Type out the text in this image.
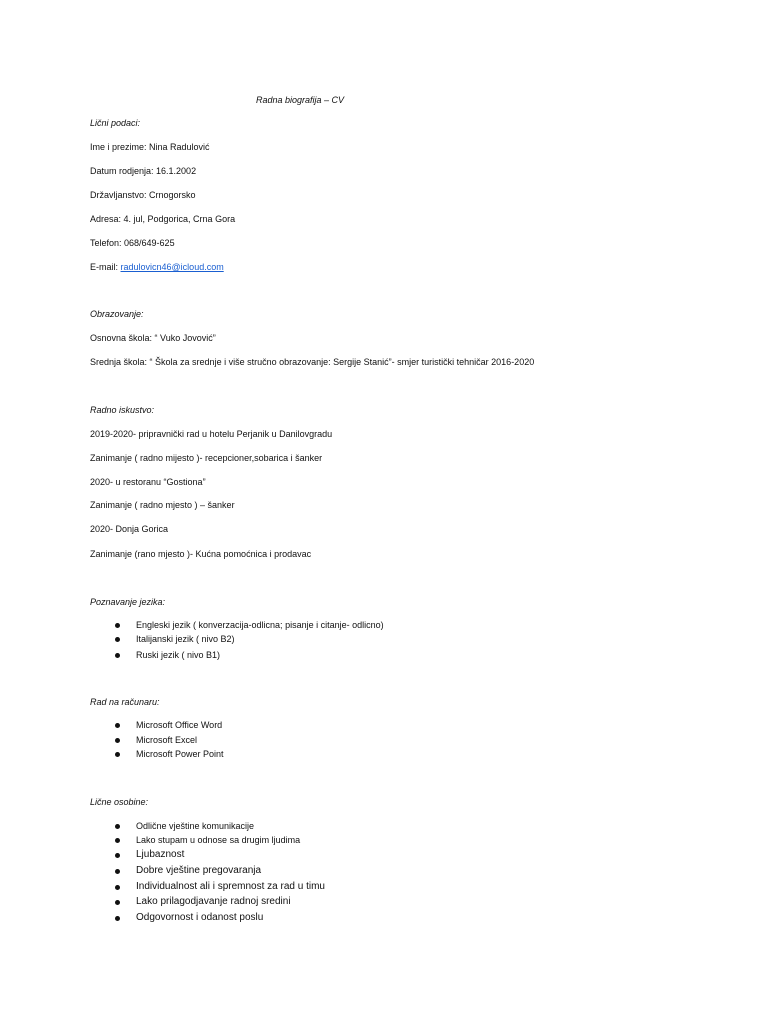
Radna biografija – CV
Lični podaci:
Ime i prezime: Nina Radulović
Datum rodjenja: 16.1.2002
Državljanstvo: Crnogorsko
Adresa: 4. jul, Podgorica, Crna Gora
Telefon: 068/649-625
E-mail: radulovicn46@icloud.com
Obrazovanje:
Osnovna škola: “ Vuko Jovović”
Srednja škola: “ Škola za srednje i više stručno obrazovanje: Sergije Stanić”- smjer turistički tehničar 2016-2020
Radno iskustvo:
2019-2020- pripravnički rad u hotelu Perjanik u Danilovgradu
Zanimanje ( radno mijesto )- recepcioner,sobarica i šanker
2020- u restoranu “Gostiona”
Zanimanje ( radno mjesto ) – šanker
2020- Donja Gorica
Zanimanje (rano mjesto )- Kućna pomoćnica i prodavac
Poznavanje jezika:
Engleski jezik ( konverzacija-odlicna; pisanje i citanje- odlicno)
Italijanski jezik ( nivo B2)
Ruski jezik ( nivo B1)
Rad na računaru:
Microsoft Office Word
Microsoft Excel
Microsoft Power Point
Lične osobine:
Odlične vještine komunikacije
Lako stupam u odnose sa drugim ljudima
Ljubaznost
Dobre vještine pregovaranja
Individualnost ali i spremnost za rad u timu
Lako prilagodjavanje radnoj sredini
Odgovornost i odanost poslu
